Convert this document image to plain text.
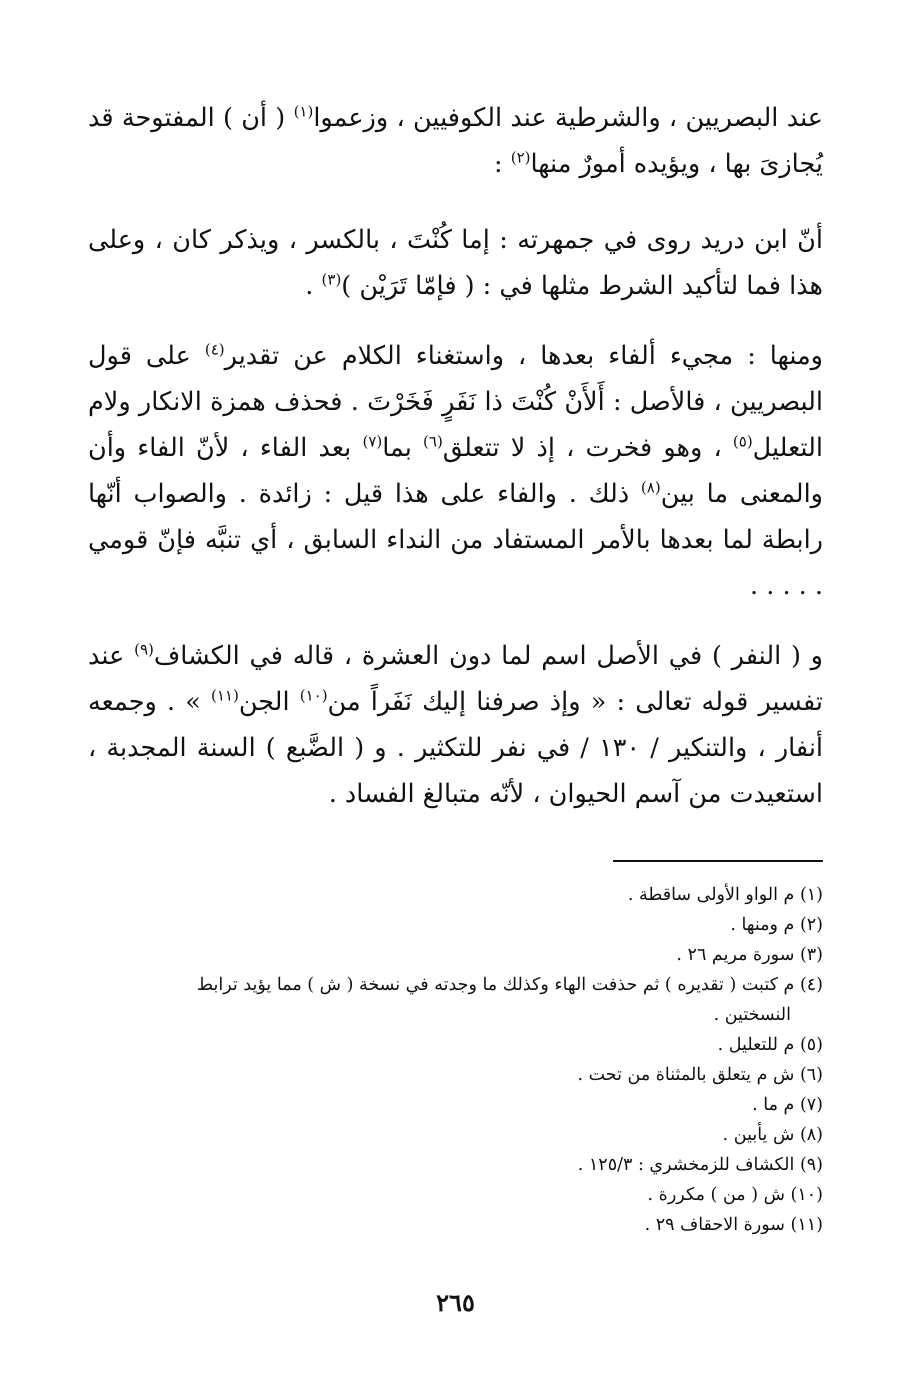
عند البصريين ، والشرطية عند الكوفيين ، وزعموا$^{(١)}$ ( أن ) المفتوحة قد يُجازىَ بها ، ويؤيده أمورٌ منها$^{(٢)}$ :

أنّ ابن دريد روى في جمهرته : إما كُنْتَ ، بالكسر ، ويذكر كان ، وعلى هذا فما لتأكيد الشرط مثلها في : ( فإمّا تَرَيْن )$^{(٣)}$ .

ومنها : مجيء ألفاء بعدها ، واستغناء الكلام عن تقدير$^{(٤)}$ على قول البصريين ، فالأصل : أَلأَنْ كُنْتَ ذا نَفَرٍ فَخَرْتَ . فحذف همزة الانكار ولام التعليل$^{(٥)}$ ، وهو فخرت ، إذ لا تتعلق$^{(٦)}$ بما$^{(٧)}$ بعد الفاء ، لأنّ الفاء وأن والمعنى ما بين$^{(٨)}$ ذلك . والفاء على هذا قيل : زائدة . والصواب أنّها رابطة لما بعدها بالأمر المستفاد من النداء السابق ، أي تنبَّه فإنّ قومي . . . . .

و ( النفر ) في الأصل اسم لما دون العشرة ، قاله في الكشاف$^{(٩)}$ عند تفسير قوله تعالى : « وإذ صرفنا إليك نَفَراً من$^{(١٠)}$ الجن$^{(١١)}$ » . وجمعه أنفار ، والتنكير / ١٣٠ / في نفر للتكثير . و ( الضَّبع ) السنة المجدبة ، استعيدت من آسم الحيوان ، لأنّه متبالغ الفساد .

(١) م الواو الأولى ساقطة .

(٢) م ومنها .

(٣) سورة مريم ٢٦ .

(٤) م كتبت ( تقديره ) ثم حذفت الهاء وكذلك ما وجدته في نسخة ( ش ) مما يؤيد ترابط
النسختين .

(٥) م للتعليل .

(٦) ش م يتعلق بالمثناة من تحت .

(٧) م ما .

(٨) ش يأبين .

(٩) الكشاف للزمخشري : ١٢٥/٣ .

(١٠) ش ( من ) مكررة .

(١١) سورة الاحقاف ٢٩ .

٢٦٥
